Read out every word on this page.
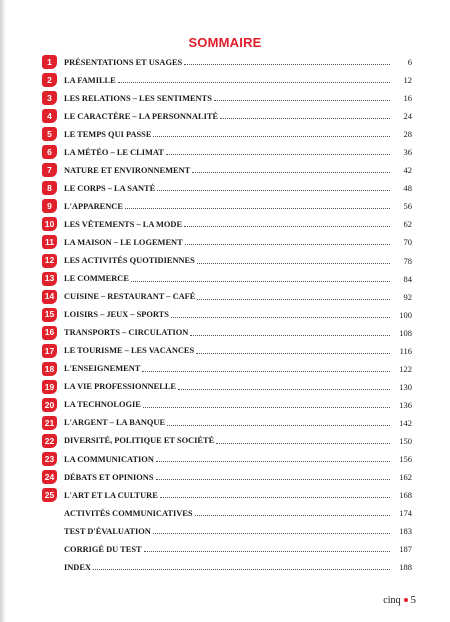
SOMMAIRE
1	PRÉSENTATIONS ET USAGES	6
2	LA FAMILLE	12
3	LES RELATIONS – LES SENTIMENTS	16
4	LE CARACTÈRE – LA PERSONNALITÉ	24
5	LE TEMPS QUI PASSE	28
6	LA MÉTÉO – LE CLIMAT	36
7	NATURE ET ENVIRONNEMENT	42
8	LE CORPS – LA SANTÉ	48
9	L'APPARENCE	56
10	LES VÊTEMENTS – LA MODE	62
11	LA MAISON – LE LOGEMENT	70
12	LES ACTIVITÉS QUOTIDIENNES	78
13	LE COMMERCE	84
14	CUISINE – RESTAURANT – CAFÉ	92
15	LOISIRS – JEUX – SPORTS	100
16	TRANSPORTS – CIRCULATION	108
17	LE TOURISME – LES VACANCES	116
18	L'ENSEIGNEMENT	122
19	LA VIE PROFESSIONNELLE	130
20	LA TECHNOLOGIE	136
21	L'ARGENT – LA BANQUE	142
22	DIVERSITÉ, POLITIQUE ET SOCIÉTÉ	150
23	LA COMMUNICATION	156
24	DÉBATS ET OPINIONS	162
25	L'ART ET LA CULTURE	168
ACTIVITÉS COMMUNICATIVES	174
TEST D'ÉVALUATION	183
CORRIGÉ DU TEST	187
INDEX	188
cinq 5
